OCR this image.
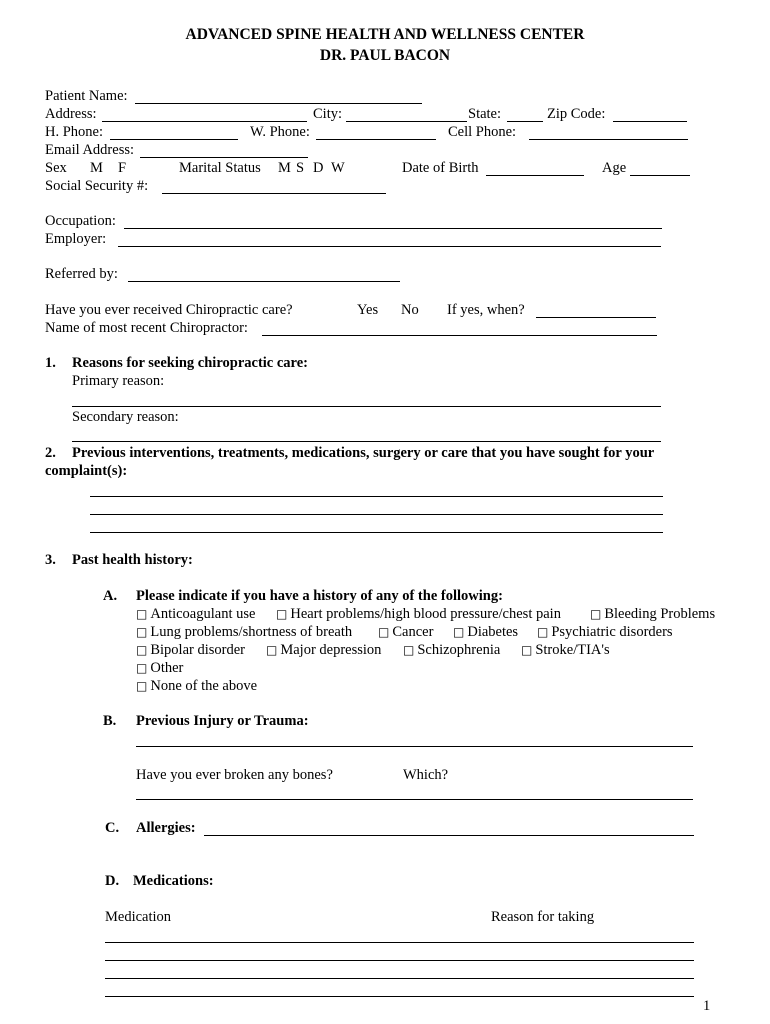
ADVANCED SPINE HEALTH AND WELLNESS CENTER
DR. PAUL BACON
Patient Name:
Address:	City:	State:	Zip Code:
H. Phone:	W. Phone:	Cell Phone:
Email Address:
Sex M F	Marital Status M S D W	Date of Birth	Age
Social Security #:
Occupation:
Employer:
Referred by:
Have you ever received Chiropractic care?	Yes No If yes, when?
Name of most recent Chiropractor:
1. Reasons for seeking chiropractic care:
Primary reason:
Secondary reason:
2. Previous interventions, treatments, medications, surgery or care that you have sought for your
complaint(s):
3. Past health history:
A. Please indicate if you have a history of any of the following:
□ Anticoagulant use □ Heart problems/high blood pressure/chest pain □ Bleeding Problems
□ Lung problems/shortness of breath □ Cancer □ Diabetes □ Psychiatric disorders
□ Bipolar disorder □ Major depression □ Schizophrenia □ Stroke/TIA's
□ Other
□ None of the above
B. Previous Injury or Trauma:
Have you ever broken any bones?	Which?
C. Allergies:
D. Medications:
Medication	Reason for taking
1
